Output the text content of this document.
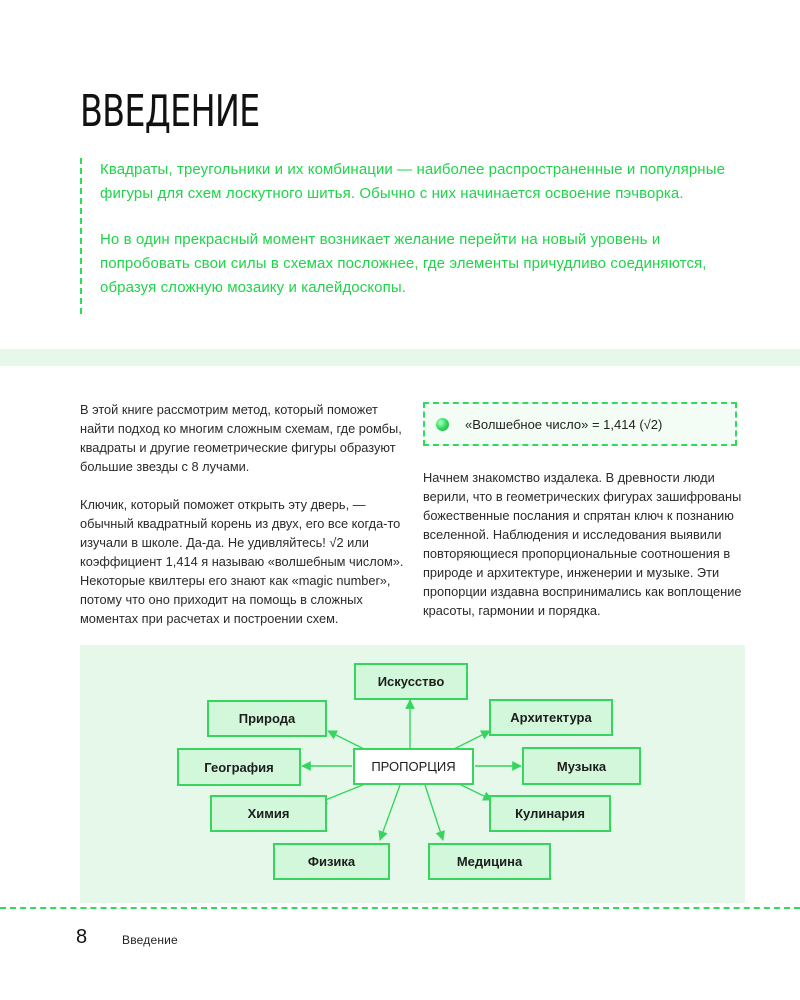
ВВЕДЕНИЕ

Квадраты, треугольники и их комбинации — наиболее распространенные и популярные фигуры для схем лоскутного шитья. Обычно с них начинается освоение пэчворка.

Но в один прекрасный момент возникает желание перейти на новый уровень и попробовать свои силы в схемах посложнее, где элементы причудливо соединяются, образуя сложную мозаику и калейдоскопы.

В этой книге рассмотрим метод, который поможет найти подход ко многим сложным схемам, где ромбы, квадраты и другие геометрические фигуры образуют большие звезды с 8 лучами.

Ключик, который поможет открыть эту дверь, — обычный квадратный корень из двух, его все когда-то изучали в школе. Да-да. Не удивляйтесь! √2 или коэффициент 1,414 я называю «волшебным числом». Некоторые квилтеры его знают как «magic number», потому что оно приходит на помощь в сложных моментах при расчетах и построении схем.

«Волшебное число» = 1,414 (√2)

Начнем знакомство издалека. В древности люди верили, что в геометрических фигурах зашифрованы божественные послания и спрятан ключ к познанию вселенной. Наблюдения и исследования выявили повторяющиеся пропорциональные соотношения в природе и архитектуре, инженерии и музыке. Эти пропорции издавна воспринимались как воплощение красоты, гармонии и порядка.

Искусство
Природа	Архитектура
География	ПРОПОРЦИЯ	Музыка
Химия	Кулинария
Физика	Медицина
8	Введение
